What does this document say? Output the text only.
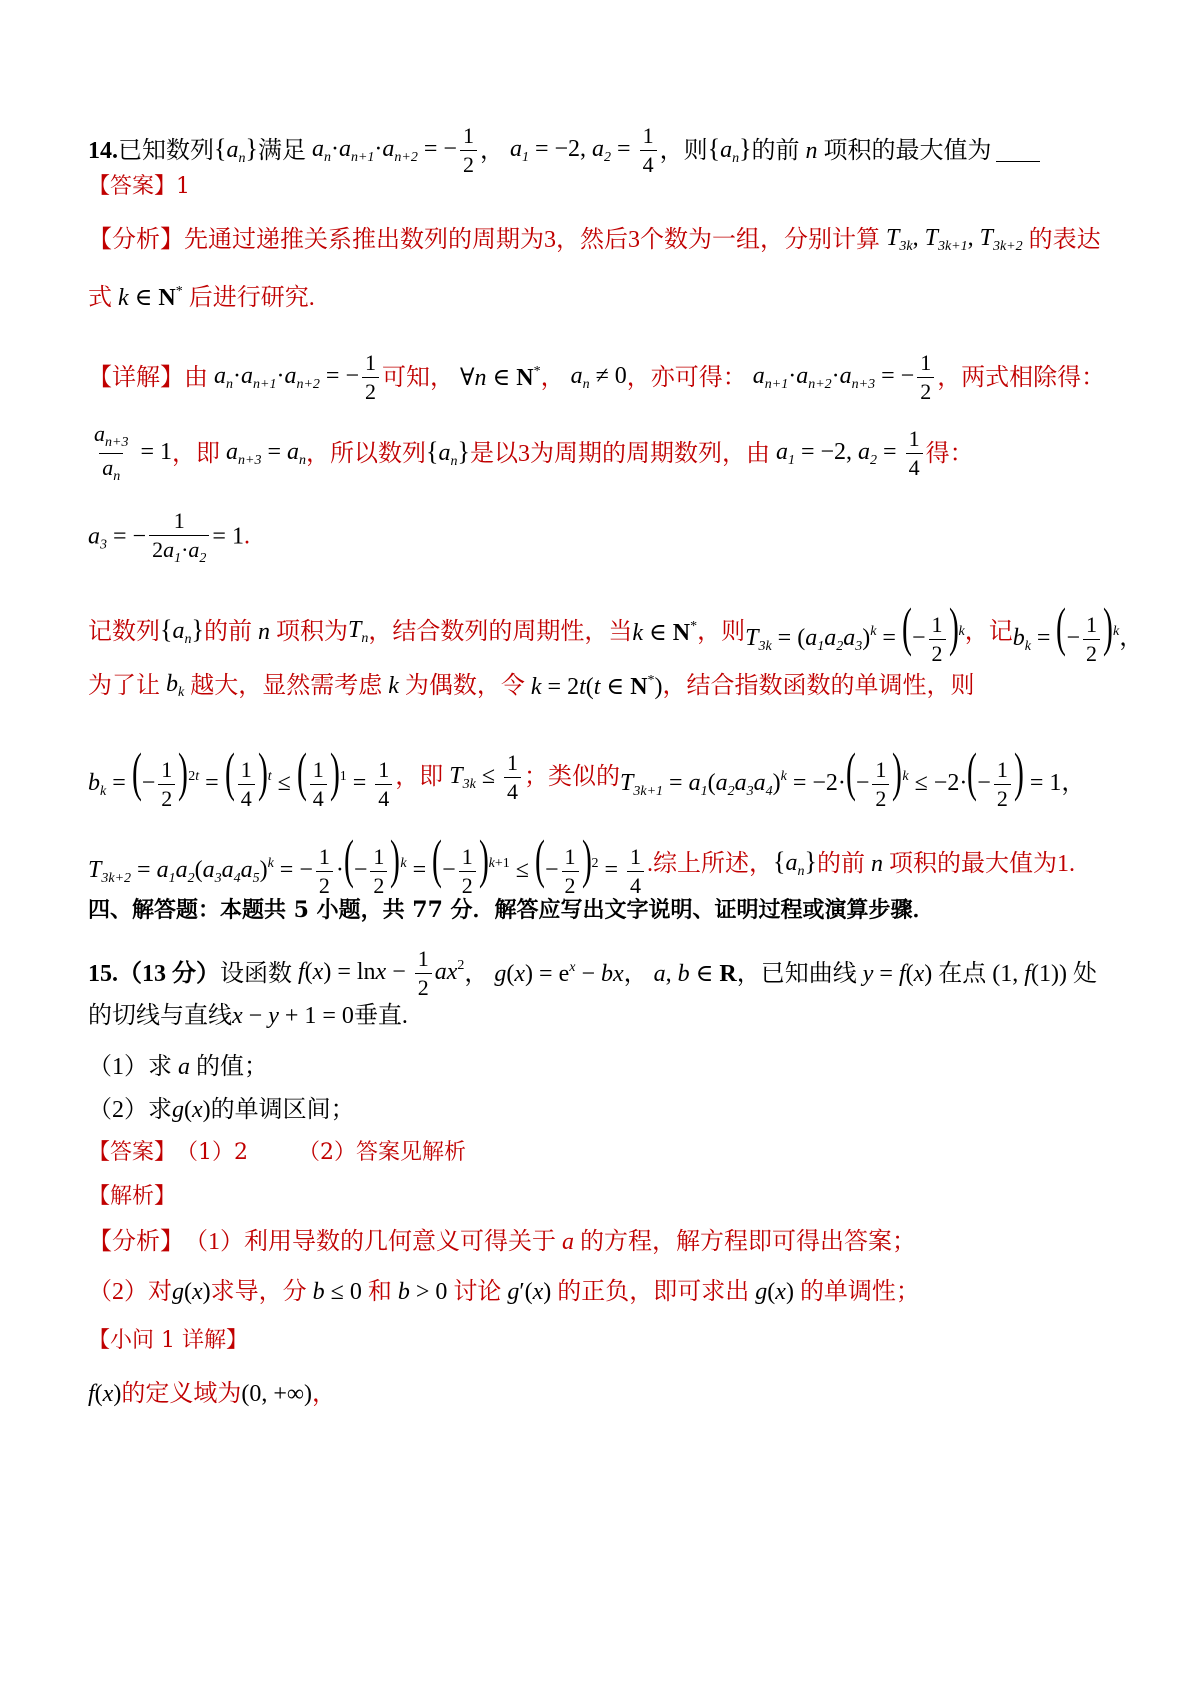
14. 已知数列 $\{a_n\}$ 满足 $a_n\cdot a_{n+1}\cdot a_{n+2}$ = − $\frac{1}{2}$ ， $a_1 = -2$, $a_2 = \frac{1}{4}$ ，则 $\{a_n\}$ 的前 n 项积的最大值为
【答案】 1
【分析】 先通过递推关系推出数列的周期为3，然后3个数为一组，分别计算 $T_{3k}$, $T_{3k+1}$, $T_{3k+2}$ 的表达
式 k ∈ N* 后进行研究.
【详解】 由 $a_n\cdot a_{n+1}\cdot a_{n+2}$ = − $\frac{1}{2}$ 可知， ∀n ∈ N* ， $a_n \ne 0$ ，亦可得： $a_{n+1}\cdot a_{n+2}\cdot a_{n+3}$ = − $\frac{1}{2}$ ，两式相除得：
$\frac{a_{n+3}}{a_n} = 1$ ，即 $a_{n+3} = a_n$ ，所以数列 $\{a_n\}$ 是以3为周期的周期数列，由 $a_1 = -2$, $a_2 = \frac{1}{4}$ 得：
$a_3$ = − $\frac{1}{2a_1\cdot a_2} = 1$.
记数列 $\{a_n\}$ 的前 n 项积为 $T_n$ ，结合数列的周期性，当 k ∈ N* ，则 $T_{3k} = (a_1a_2a_3)^k$ = (− $\frac{1}{2} )^k$ ，记 $b_k$ = (− $\frac{1}{2} )^k$，
为了让 $b_k$ 越大，显然需考虑 k 为偶数，令 k = 2t(t ∈ N*) ，结合指数函数的单调性，则
$b_k$ = (− $\frac{1}{2} )^{2t}$ = ( $\frac{1}{4} )^t$ ≤ ( $\frac{1}{4} )^1 = \frac{1}{4}$ ，即 $T_{3k} \le \frac{1}{4}$ ；类似的 $T_{3k+1} = a_1(a_2a_3a_4)^k = -2\cdot(- \frac{1}{2} )^k \le -2\cdot(- \frac{1}{2}$ ) = 1，
$T_{3k+2} = a_1a_2(a_3a_4a_5)^k$ = − $\frac{1}{2}$ ·(− $\frac{1}{2} )^k$ = (− $\frac{1}{2} )^{k+1}$ ≤ (− $\frac{1}{2} )^2 = \frac{1}{4}$ .综上所述， $\{a_n\}$ 的前 n 项积的最大值为1.
四、解答题：本题共 5 小题，共 77 分．解答应写出文字说明、证明过程或演算步骤．
15. （13 分） 设函数 $f(x) = \ln x - \frac{1}{2} ax^2$ ， $g(x) = e^x$ − bx ， a, b ∈ R ，已知曲线 y = f(x) 在点 (1, f(1)) 处
的切线与直线 x − y + 1 = 0 垂直.
（1）求 a 的值；
（2）求 g(x) 的单调区间；
【答案】 （1）2 （2）答案见解析
【解析】
【分析】 （1）利用导数的几何意义可得关于 a 的方程，解方程即可得出答案；
（2）对 g(x) 求导，分 b ≤ 0 和 b > 0 讨论 g′(x) 的正负，即可求出 g(x) 的单调性；
【小问 1 详解】
f(x) 的定义域为 (0, +∞) ，
